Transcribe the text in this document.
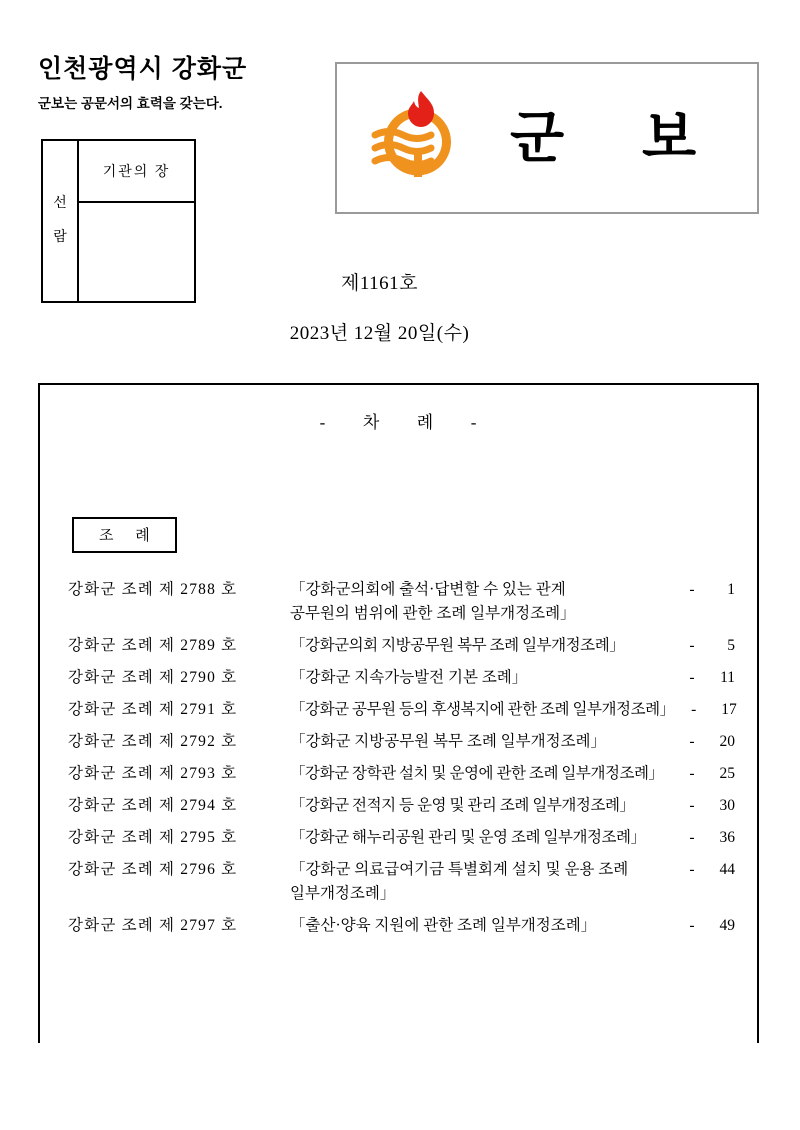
인천광역시 강화군
군보는 공문서의 효력을 갖는다.
선
람
기관의 장
군 보
제1161호
2023년 12월 20일(수)
- 차 례 -
조 례
강화군 조례 제 2788 호	「강화군의회에 출석·답변할 수 있는 관계
공무원의 범위에 관한 조례 일부개정조례」
-	1
강화군 조례 제 2789 호	「강화군의회 지방공무원 복무 조례 일부개정조례」	-	5
강화군 조례 제 2790 호	「강화군 지속가능발전 기본 조례」	-	11
강화군 조례 제 2791 호	「강화군 공무원 등의 후생복지에 관한 조례 일부개정조례」	-	17
강화군 조례 제 2792 호	「강화군 지방공무원 복무 조례 일부개정조례」	-	20
강화군 조례 제 2793 호	「강화군 장학관 설치 및 운영에 관한 조례 일부개정조례」	-	25
강화군 조례 제 2794 호	「강화군 전적지 등 운영 및 관리 조례 일부개정조례」	-	30
강화군 조례 제 2795 호	「강화군 해누리공원 관리 및 운영 조례 일부개정조례」	-	36
강화군 조례 제 2796 호	「강화군 의료급여기금 특별회계 설치 및 운용 조례
일부개정조례」
-	44
강화군 조례 제 2797 호	「출산·양육 지원에 관한 조례 일부개정조례」	-	49
